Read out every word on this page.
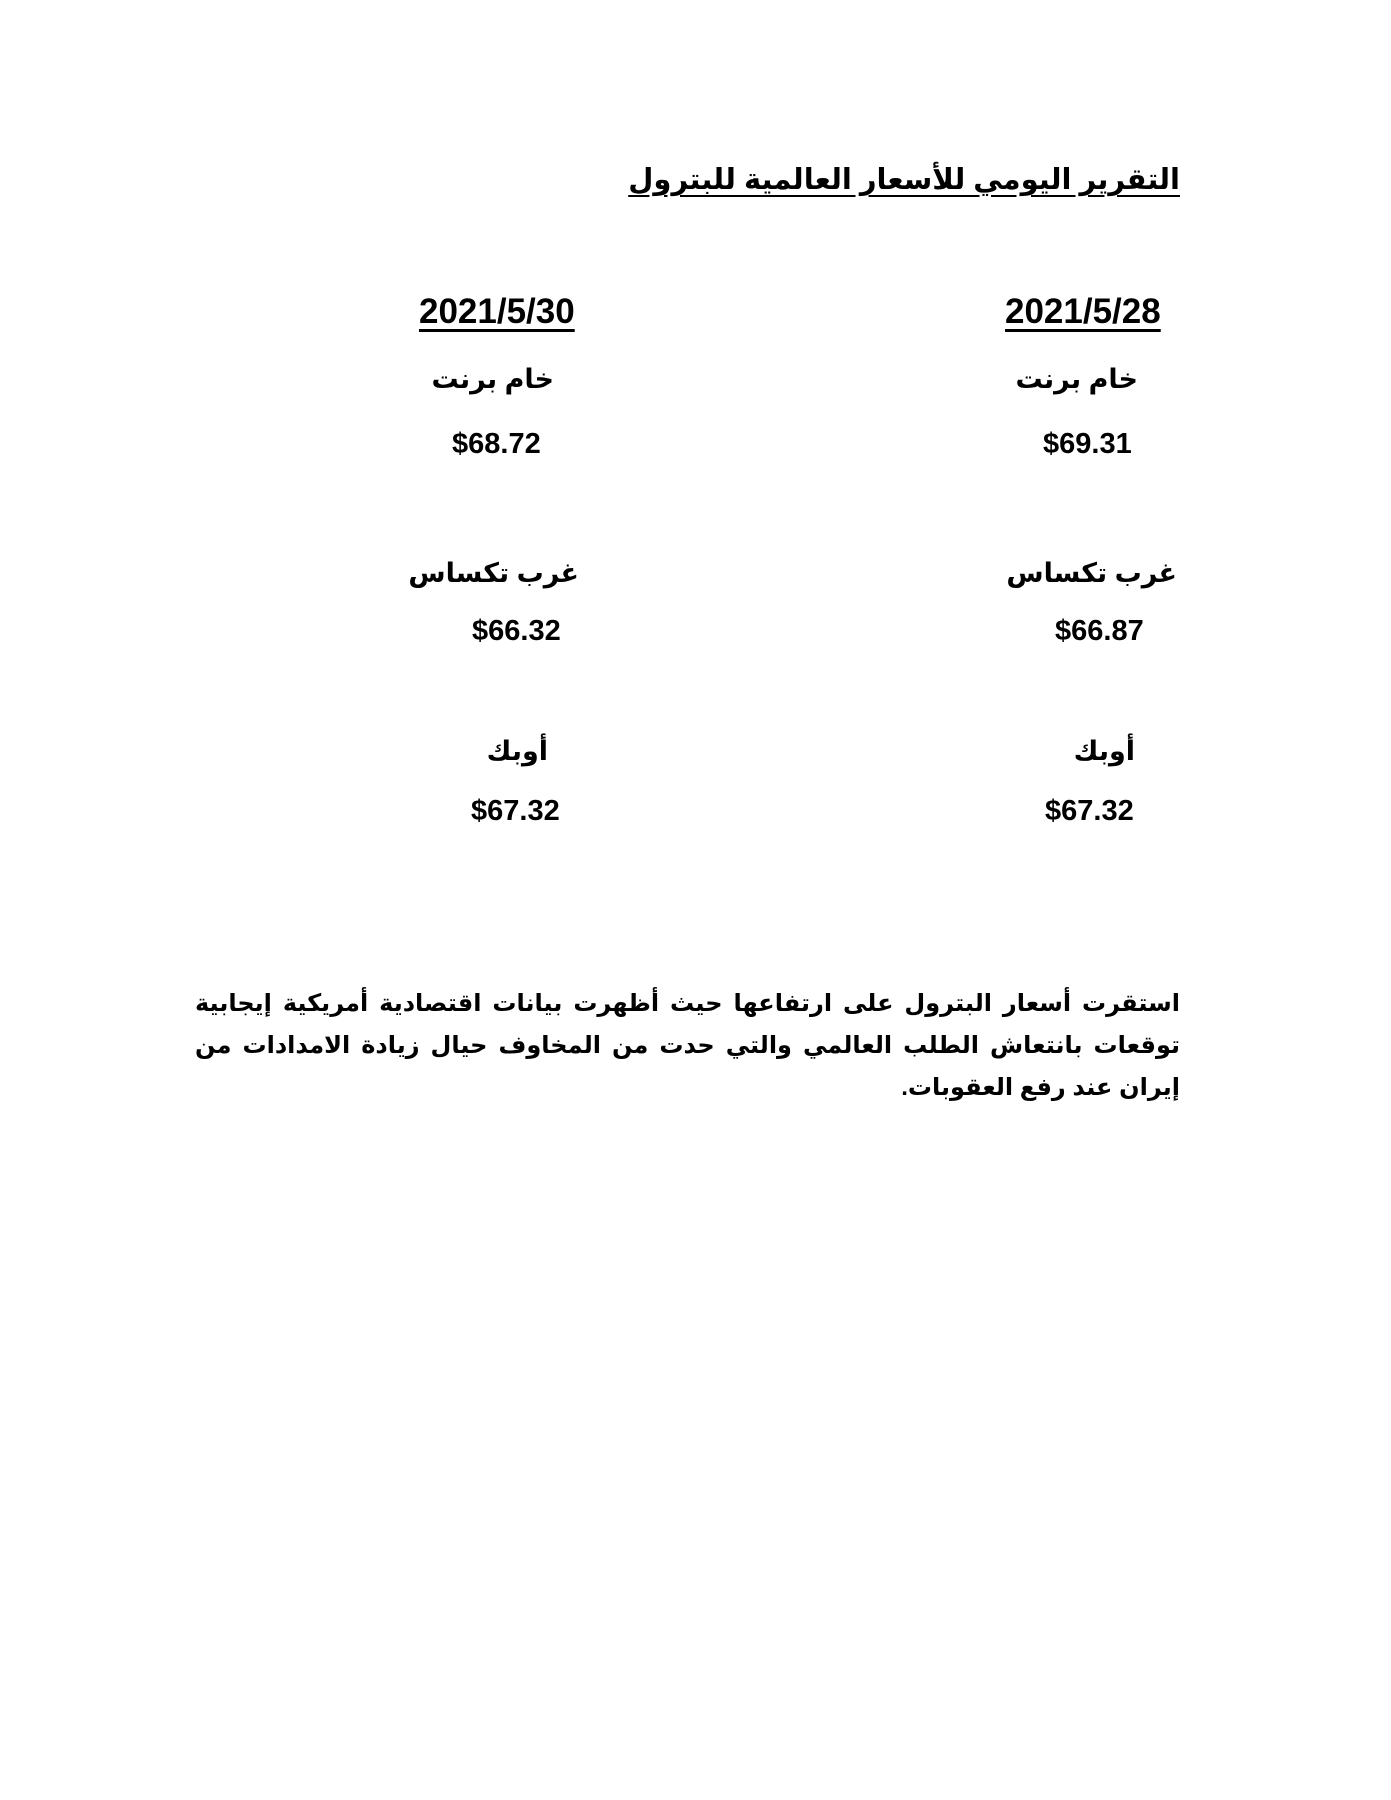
التقرير اليومي للأسعار العالمية للبترول
2021/5/28
خام برنت
$69.31
غرب تكساس
$66.87
أوبك
$67.32
2021/5/30
خام برنت
$68.72
غرب تكساس
$66.32
أوبك
$67.32
استقرت أسعار البترول على ارتفاعها حيث أظهرت بيانات اقتصادية أمريكية إيجابية توقعات بانتعاش الطلب العالمي والتي حدت من المخاوف حيال زيادة الامدادات من إيران عند رفع العقوبات.
